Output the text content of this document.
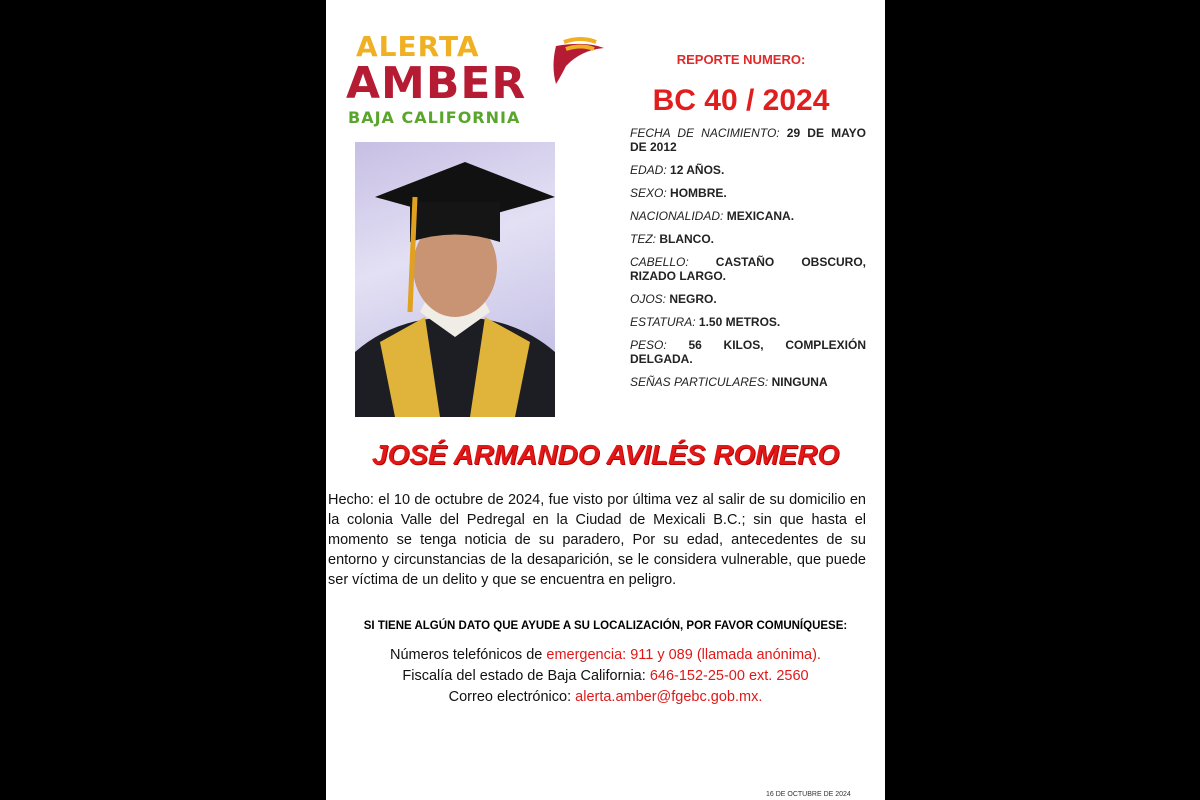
ALERTA
AMBER
BAJA CALIFORNIA
REPORTE NUMERO:
BC 40 / 2024

FECHA DE NACIMIENTO: 29 DE MAYO DE 2012

EDAD: 12 AÑOS.

SEXO: HOMBRE.

NACIONALIDAD: MEXICANA.

TEZ: BLANCO.

CABELLO: CASTAÑO OBSCURO, RIZADO LARGO.

OJOS: NEGRO.

ESTATURA: 1.50 METROS.

PESO: 56 KILOS, COMPLEXIÓN DELGADA.

SEÑAS PARTICULARES: NINGUNA

JOSÉ ARMANDO AVILÉS ROMERO
Hecho: el 10 de octubre de 2024, fue visto por última vez al salir de su domicilio en la colonia Valle del Pedregal en la Ciudad de Mexicali B.C.; sin que hasta el momento se tenga noticia de su paradero, Por su edad, antecedentes de su entorno y circunstancias de la desaparición, se le considera vulnerable, que puede ser víctima de un delito y que se encuentra en peligro.
SI TIENE ALGÚN DATO QUE AYUDE A SU LOCALIZACIÓN, POR FAVOR COMUNÍQUESE:
Números telefónicos de emergencia: 911 y 089 (llamada anónima).
Fiscalía del estado de Baja California: 646-152-25-00 ext. 2560
Correo electrónico: alerta.amber@fgebc.gob.mx.
16 DE OCTUBRE DE 2024
